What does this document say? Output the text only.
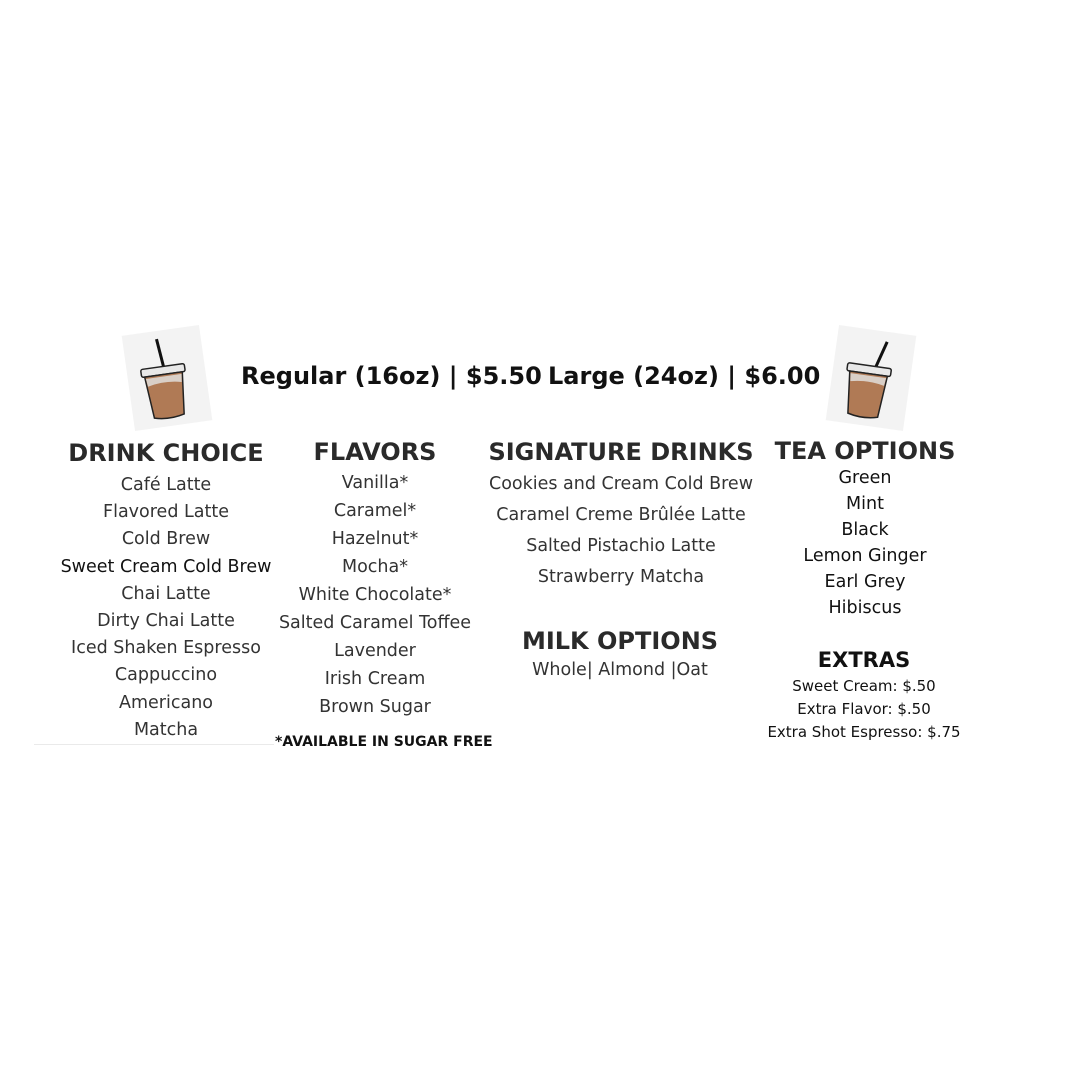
Regular (16oz) | $5.50 Large (24oz) | $6.00
DRINK CHOICE
Café Latte
Flavored Latte
Cold Brew
Sweet Cream Cold Brew
Chai Latte
Dirty Chai Latte
Iced Shaken Espresso
Cappuccino
Americano
Matcha
FLAVORS
Vanilla*
Caramel*
Hazelnut*
Mocha*
White Chocolate*
Salted Caramel Toffee
Lavender
Irish Cream
Brown Sugar
*AVAILABLE IN SUGAR FREE
SIGNATURE DRINKS
Cookies and Cream Cold Brew
Caramel Creme Brûlée Latte
Salted Pistachio Latte
Strawberry Matcha
MILK OPTIONS
Whole| Almond |Oat
TEA OPTIONS
Green
Mint
Black
Lemon Ginger
Earl Grey
Hibiscus
EXTRAS
Sweet Cream: $.50
Extra Flavor: $.50
Extra Shot Espresso: $.75
